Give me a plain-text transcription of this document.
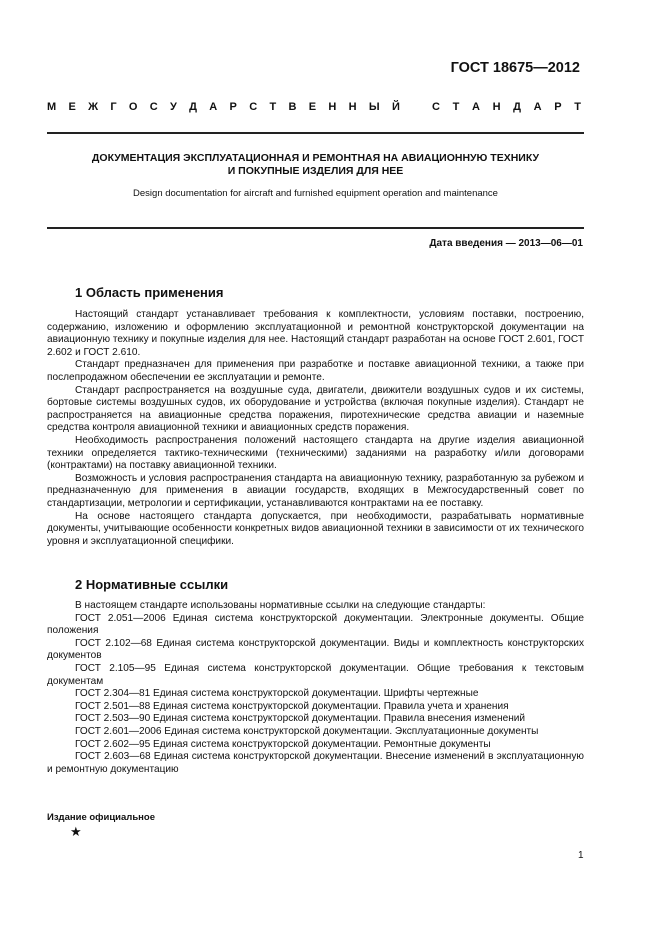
ГОСТ 18675—2012
М Е Ж Г О С У Д А Р С Т В Е Н Н Ы Й	С Т А Н Д А Р Т
ДОКУМЕНТАЦИЯ ЭКСПЛУАТАЦИОННАЯ И РЕМОНТНАЯ НА АВИАЦИОННУЮ ТЕХНИКУ
И ПОКУПНЫЕ ИЗДЕЛИЯ ДЛЯ НЕЕ
Design documentation for aircraft and furnished equipment operation and maintenance
Дата введения — 2013—06—01
1 Область применения

Настоящий стандарт устанавливает требования к комплектности, условиям поставки, построению, содержанию, изложению и оформлению эксплуатационной и ремонтной конструкторской документации на авиационную технику и покупные изделия для нее. Настоящий стандарт разработан на основе ГОСТ 2.601, ГОСТ 2.602 и ГОСТ 2.610.

Стандарт предназначен для применения при разработке и поставке авиационной техники, а также при послепродажном обеспечении ее эксплуатации и ремонте.

Стандарт распространяется на воздушные суда, двигатели, движители воздушных судов и их системы, бортовые системы воздушных судов, их оборудование и устройства (включая покупные изделия). Стандарт не распространяется на авиационные средства поражения, пиротехнические средства авиации и наземные средства контроля авиационной техники и авиационных средств поражения.

Необходимость распространения положений настоящего стандарта на другие изделия авиационной техники определяется тактико-техническими (техническими) заданиями на разработку и/или договорами (контрактами) на поставку авиационной техники.

Возможность и условия распространения стандарта на авиационную технику, разработанную за рубежом и предназначенную для применения в авиации государств, входящих в Межгосударственный совет по стандартизации, метрологии и сертификации, устанавливаются контрактами на ее поставку.

На основе настоящего стандарта допускается, при необходимости, разрабатывать нормативные документы, учитывающие особенности конкретных видов авиационной техники в зависимости от их технического уровня и эксплуатационной специфики.

2 Нормативные ссылки

В настоящем стандарте использованы нормативные ссылки на следующие стандарты:

ГОСТ 2.051—2006 Единая система конструкторской документации. Электронные документы. Общие положения

ГОСТ 2.102—68 Единая система конструкторской документации. Виды и комплектность конструкторских документов

ГОСТ 2.105—95 Единая система конструкторской документации. Общие требования к текстовым документам

ГОСТ 2.304—81 Единая система конструкторской документации. Шрифты чертежные

ГОСТ 2.501—88 Единая система конструкторской документации. Правила учета и хранения

ГОСТ 2.503—90 Единая система конструкторской документации. Правила внесения изменений

ГОСТ 2.601—2006 Единая система конструкторской документации. Эксплуатационные документы

ГОСТ 2.602—95 Единая система конструкторской документации. Ремонтные документы

ГОСТ 2.603—68 Единая система конструкторской документации. Внесение изменений в эксплуатационную и ремонтную документацию

Издание официальное
★
1
